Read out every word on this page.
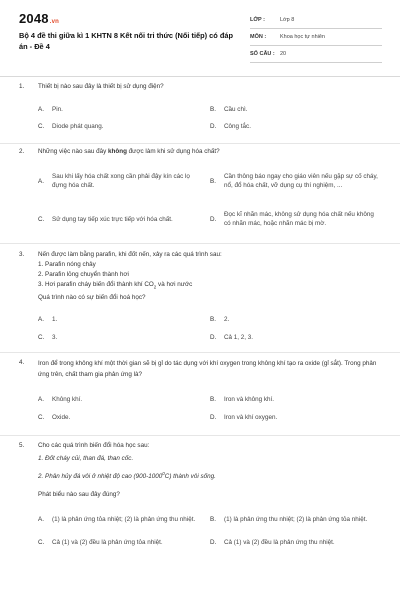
2048.vn
Bộ 4 đề thi giữa kì 1 KHTN 8 Kết nối tri thức (Nối tiếp) có đáp án - Đề 4
LỚP :	Lớp 8
MÔN :	Khoa học tự nhiên
SỐ CÂU : 20
1. Thiết bị nào sau đây là thiết bị sử dụng điện?
A.	Pin.	B.	Cầu chì.
C.	Diode phát quang.	D.	Công tắc.
2. Những việc nào sau đây không được làm khi sử dụng hóa chất?
A.
Sau khi lấy hóa chất xong cần phải đậy kín các lọ đựng hóa chất.
B.
Cần thông báo ngay cho giáo viên nếu gặp sự cố cháy, nổ, đổ hóa chất, vỡ dụng cụ thí nghiệm, ...
C.	Sử dụng tay tiếp xúc trực tiếp với hóa chất.	D.
Đọc kĩ nhãn mác, không sử dụng hóa chất nếu không có nhãn mác, hoặc nhãn mác bị mờ.
3. Nến được làm bằng parafin, khi đốt nến, xảy ra các quá trình sau:
1. Parafin nóng chảy
2. Parafin lỏng chuyển thành hơi
3. Hơi parafin cháy biến đổi thành khí $CO_2$ và hơi nước
Quá trình nào có sự biến đổi hoá học?
A.	1.	B.	2.
C.	3.	D.	Cả 1, 2, 3.
4. Iron để trong không khí một thời gian sẽ bị gỉ do tác dụng với khí oxygen trong không khí tạo ra oxide (gỉ sắt). Trong phản ứng trên, chất tham gia phản ứng là?
A.	Không khí.	B.	Iron và không khí.
C.	Oxide.	D.	Iron và khí oxygen.
5. Cho các quá trình biến đổi hóa học sau:
1. Đốt cháy củi, than đá, than cốc.
2. Phân hủy đá vôi ở nhiệt độ cao (900-1000$^0$C) thành vôi sống.
Phát biểu nào sau đây đúng?
A.	(1) là phản ứng tỏa nhiệt; (2) là phản ứng thu nhiệt.	B.	(1) là phản ứng thu nhiệt; (2) là phản ứng tỏa nhiệt.
C.	Cả (1) và (2) đều là phản ứng tỏa nhiệt.	D.	Cả (1) và (2) đều là phản ứng thu nhiệt.
